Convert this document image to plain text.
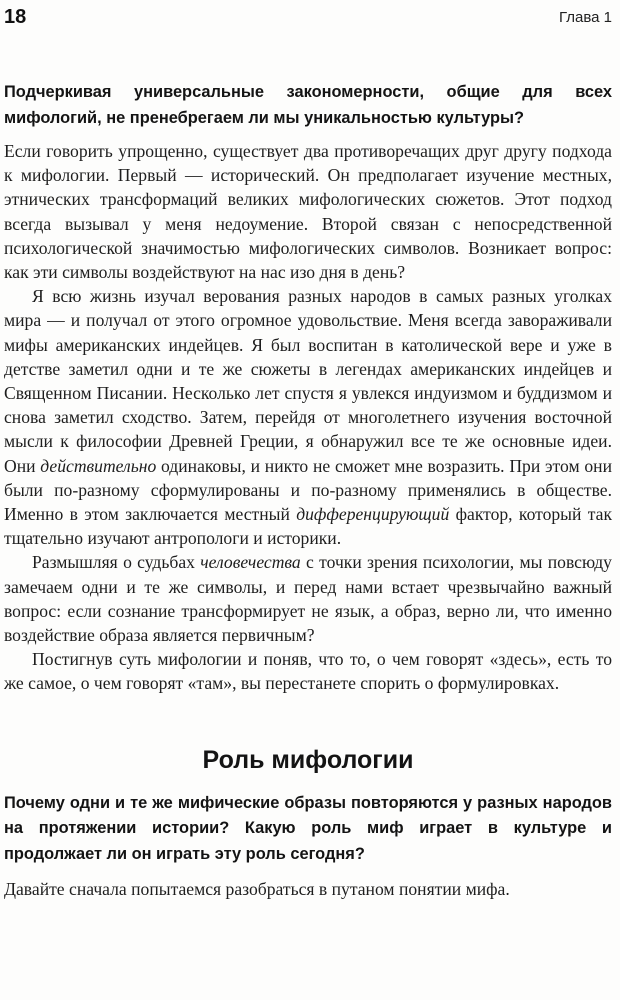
18	Глава 1

Подчеркивая универсальные закономерности, общие для всех мифологий, не пренебрегаем ли мы уникальностью культуры?

Если говорить упрощенно, существует два противоречащих друг другу подхода к мифологии. Первый — исторический. Он предполагает изучение местных, этнических трансформаций великих мифологических сюжетов. Этот подход всегда вызывал у меня недоумение. Второй связан с непосредственной психологической значимостью мифологических символов. Возникает вопрос: как эти символы воздействуют на нас изо дня в день?

Я всю жизнь изучал верования разных народов в самых разных уголках мира — и получал от этого огромное удовольствие. Меня всегда завораживали мифы американских индейцев. Я был воспитан в католической вере и уже в детстве заметил одни и те же сюжеты в легендах американских индейцев и Священном Писании. Несколько лет спустя я увлекся индуизмом и буддизмом и снова заметил сходство. Затем, перейдя от многолетнего изучения восточной мысли к философии Древней Греции, я обнаружил все те же основные идеи. Они действительно одинаковы, и никто не сможет мне возразить. При этом они были по-разному сформулированы и по-разному применялись в обществе. Именно в этом заключается местный дифференцирующий фактор, который так тщательно изучают антропологи и историки.

Размышляя о судьбах человечества с точки зрения психологии, мы повсюду замечаем одни и те же символы, и перед нами встает чрезвычайно важный вопрос: если сознание трансформирует не язык, а образ, верно ли, что именно воздействие образа является первичным?

Постигнув суть мифологии и поняв, что то, о чем говорят «здесь», есть то же самое, о чем говорят «там», вы перестанете спорить о формулировках.

Роль мифологии

Почему одни и те же мифические образы повторяются у разных народов на протяжении истории? Какую роль миф играет в культуре и продолжает ли он играть эту роль сегодня?

Давайте сначала попытаемся разобраться в путаном понятии мифа.
